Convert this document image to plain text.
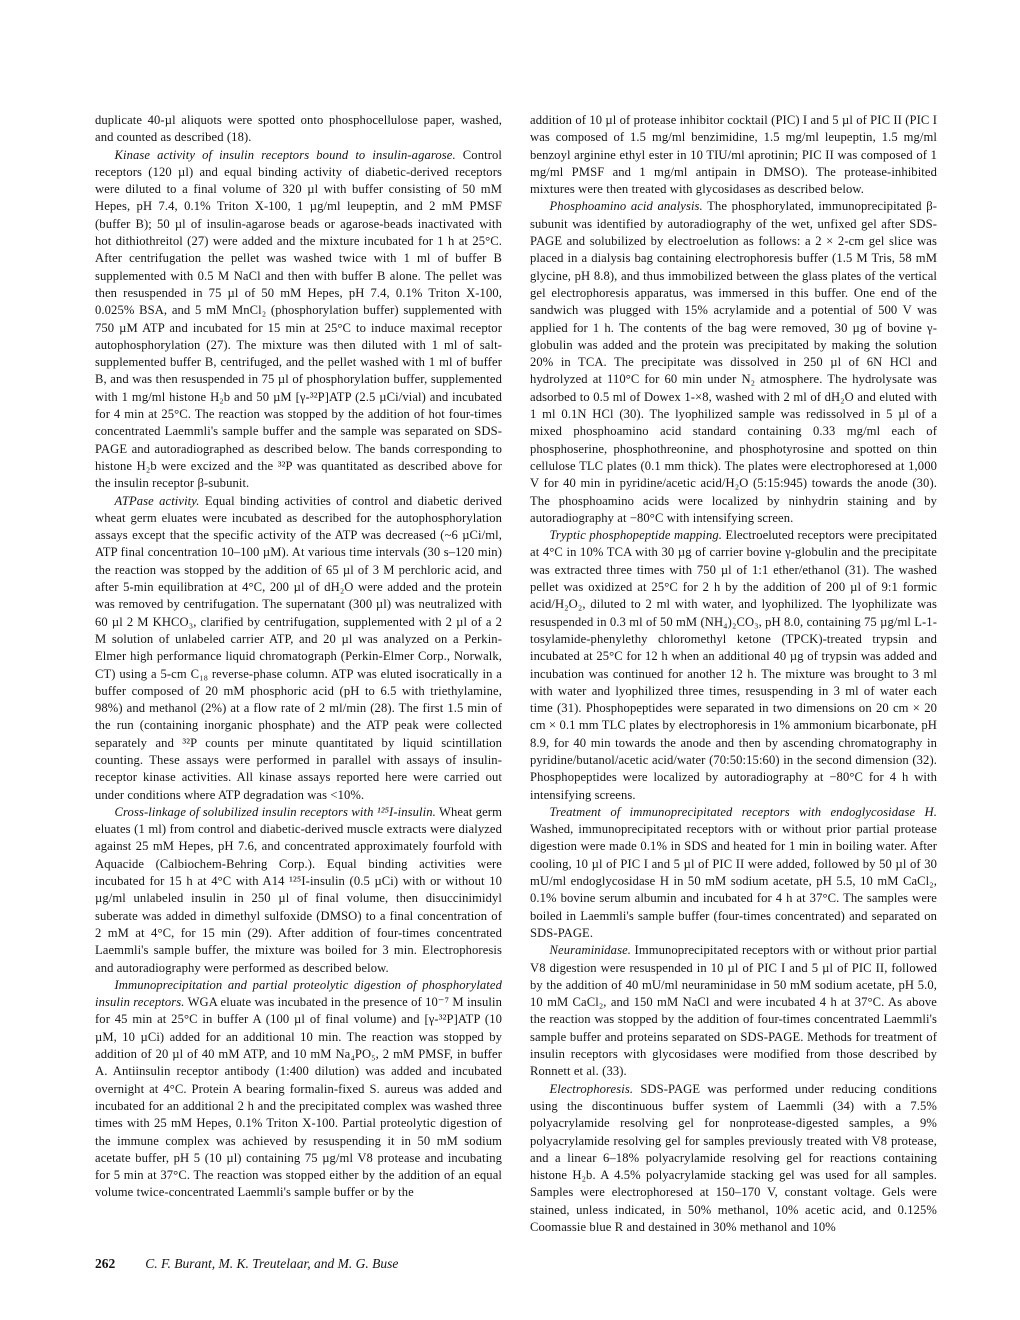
duplicate 40-µl aliquots were spotted onto phosphocellulose paper, washed, and counted as described (18).

Kinase activity of insulin receptors bound to insulin-agarose. Control receptors (120 µl) and equal binding activity of diabetic-derived receptors were diluted to a final volume of 320 µl with buffer consisting of 50 mM Hepes, pH 7.4, 0.1% Triton X-100, 1 µg/ml leupeptin, and 2 mM PMSF (buffer B); 50 µl of insulin-agarose beads or agarose-beads inactivated with hot dithiothreitol (27) were added and the mixture incubated for 1 h at 25°C. After centrifugation the pellet was washed twice with 1 ml of buffer B supplemented with 0.5 M NaCl and then with buffer B alone. The pellet was then resuspended in 75 µl of 50 mM Hepes, pH 7.4, 0.1% Triton X-100, 0.025% BSA, and 5 mM MnCl₂ (phosphorylation buffer) supplemented with 750 µM ATP and incubated for 15 min at 25°C to induce maximal receptor autophosphorylation (27). The mixture was then diluted with 1 ml of salt-supplemented buffer B, centrifuged, and the pellet washed with 1 ml of buffer B, and was then resuspended in 75 µl of phosphorylation buffer, supplemented with 1 mg/ml histone H₂b and 50 µM [γ-³²P]ATP (2.5 µCi/vial) and incubated for 4 min at 25°C. The reaction was stopped by the addition of hot four-times concentrated Laemmli's sample buffer and the sample was separated on SDS-PAGE and autoradiographed as described below. The bands corresponding to histone H₂b were excized and the ³²P was quantitated as described above for the insulin receptor β-subunit.

ATPase activity. Equal binding activities of control and diabetic derived wheat germ eluates were incubated as described for the autophosphorylation assays except that the specific activity of the ATP was decreased (~6 µCi/ml, ATP final concentration 10–100 µM). At various time intervals (30 s–120 min) the reaction was stopped by the addition of 65 µl of 3 M perchloric acid, and after 5-min equilibration at 4°C, 200 µl of dH₂O were added and the protein was removed by centrifugation. The supernatant (300 µl) was neutralized with 60 µl 2 M KHCO₃, clarified by centrifugation, supplemented with 2 µl of a 2 M solution of unlabeled carrier ATP, and 20 µl was analyzed on a Perkin-Elmer high performance liquid chromatograph (Perkin-Elmer Corp., Norwalk, CT) using a 5-cm C₁₈ reverse-phase column. ATP was eluted isocratically in a buffer composed of 20 mM phosphoric acid (pH to 6.5 with triethylamine, 98%) and methanol (2%) at a flow rate of 2 ml/min (28). The first 1.5 min of the run (containing inorganic phosphate) and the ATP peak were collected separately and ³²P counts per minute quantitated by liquid scintillation counting. These assays were performed in parallel with assays of insulin-receptor kinase activities. All kinase assays reported here were carried out under conditions where ATP degradation was <10%.

Cross-linkage of solubilized insulin receptors with ¹²⁵I-insulin. Wheat germ eluates (1 ml) from control and diabetic-derived muscle extracts were dialyzed against 25 mM Hepes, pH 7.6, and concentrated approximately fourfold with Aquacide (Calbiochem-Behring Corp.). Equal binding activities were incubated for 15 h at 4°C with A14 ¹²⁵I-insulin (0.5 µCi) with or without 10 µg/ml unlabeled insulin in 250 µl of final volume, then disuccinimidyl suberate was added in dimethyl sulfoxide (DMSO) to a final concentration of 2 mM at 4°C, for 15 min (29). After addition of four-times concentrated Laemmli's sample buffer, the mixture was boiled for 3 min. Electrophoresis and autoradiography were performed as described below.

Immunoprecipitation and partial proteolytic digestion of phosphorylated insulin receptors. WGA eluate was incubated in the presence of 10⁻⁷ M insulin for 45 min at 25°C in buffer A (100 µl of final volume) and [γ-³²P]ATP (10 µM, 10 µCi) added for an additional 10 min. The reaction was stopped by addition of 20 µl of 40 mM ATP, and 10 mM Na₄PO₅, 2 mM PMSF, in buffer A. Antiinsulin receptor antibody (1:400 dilution) was added and incubated overnight at 4°C. Protein A bearing formalin-fixed S. aureus was added and incubated for an additional 2 h and the precipitated complex was washed three times with 25 mM Hepes, 0.1% Triton X-100. Partial proteolytic digestion of the immune complex was achieved by resuspending it in 50 mM sodium acetate buffer, pH 5 (10 µl) containing 75 µg/ml V8 protease and incubating for 5 min at 37°C. The reaction was stopped either by the addition of an equal volume twice-concentrated Laemmli's sample buffer or by the

addition of 10 µl of protease inhibitor cocktail (PIC) I and 5 µl of PIC II (PIC I was composed of 1.5 mg/ml benzimidine, 1.5 mg/ml leupeptin, 1.5 mg/ml benzoyl arginine ethyl ester in 10 TIU/ml aprotinin; PIC II was composed of 1 mg/ml PMSF and 1 mg/ml antipain in DMSO). The protease-inhibited mixtures were then treated with glycosidases as described below.

Phosphoamino acid analysis. The phosphorylated, immunoprecipitated β-subunit was identified by autoradiography of the wet, unfixed gel after SDS-PAGE and solubilized by electroelution as follows: a 2 × 2-cm gel slice was placed in a dialysis bag containing electrophoresis buffer (1.5 M Tris, 58 mM glycine, pH 8.8), and thus immobilized between the glass plates of the vertical gel electrophoresis apparatus, was immersed in this buffer. One end of the sandwich was plugged with 15% acrylamide and a potential of 500 V was applied for 1 h. The contents of the bag were removed, 30 µg of bovine γ-globulin was added and the protein was precipitated by making the solution 20% in TCA. The precipitate was dissolved in 250 µl of 6N HCl and hydrolyzed at 110°C for 60 min under N₂ atmosphere. The hydrolysate was adsorbed to 0.5 ml of Dowex 1-×8, washed with 2 ml of dH₂O and eluted with 1 ml 0.1N HCl (30). The lyophilized sample was redissolved in 5 µl of a mixed phosphoamino acid standard containing 0.33 mg/ml each of phosphoserine, phosphothreonine, and phosphotyrosine and spotted on thin cellulose TLC plates (0.1 mm thick). The plates were electrophoresed at 1,000 V for 40 min in pyridine/acetic acid/H₂O (5:15:945) towards the anode (30). The phosphoamino acids were localized by ninhydrin staining and by autoradiography at −80°C with intensifying screen.

Tryptic phosphopeptide mapping. Electroeluted receptors were precipitated at 4°C in 10% TCA with 30 µg of carrier bovine γ-globulin and the precipitate was extracted three times with 750 µl of 1:1 ether/ethanol (31). The washed pellet was oxidized at 25°C for 2 h by the addition of 200 µl of 9:1 formic acid/H₂O₂, diluted to 2 ml with water, and lyophilized. The lyophilizate was resuspended in 0.3 ml of 50 mM (NH₄)₂CO₃, pH 8.0, containing 75 µg/ml L-1-tosylamide-phenylethy chloromethyl ketone (TPCK)-treated trypsin and incubated at 25°C for 12 h when an additional 40 µg of trypsin was added and incubation was continued for another 12 h. The mixture was brought to 3 ml with water and lyophilized three times, resuspending in 3 ml of water each time (31). Phosphopeptides were separated in two dimensions on 20 cm × 20 cm × 0.1 mm TLC plates by electrophoresis in 1% ammonium bicarbonate, pH 8.9, for 40 min towards the anode and then by ascending chromatography in pyridine/butanol/acetic acid/water (70:50:15:60) in the second dimension (32). Phosphopeptides were localized by autoradiography at −80°C for 4 h with intensifying screens.

Treatment of immunoprecipitated receptors with endoglycosidase H. Washed, immunoprecipitated receptors with or without prior partial protease digestion were made 0.1% in SDS and heated for 1 min in boiling water. After cooling, 10 µl of PIC I and 5 µl of PIC II were added, followed by 50 µl of 30 mU/ml endoglycosidase H in 50 mM sodium acetate, pH 5.5, 10 mM CaCl₂, 0.1% bovine serum albumin and incubated for 4 h at 37°C. The samples were boiled in Laemmli's sample buffer (four-times concentrated) and separated on SDS-PAGE.

Neuraminidase. Immunoprecipitated receptors with or without prior partial V8 digestion were resuspended in 10 µl of PIC I and 5 µl of PIC II, followed by the addition of 40 mU/ml neuraminidase in 50 mM sodium acetate, pH 5.0, 10 mM CaCl₂, and 150 mM NaCl and were incubated 4 h at 37°C. As above the reaction was stopped by the addition of four-times concentrated Laemmli's sample buffer and proteins separated on SDS-PAGE. Methods for treatment of insulin receptors with glycosidases were modified from those described by Ronnett et al. (33).

Electrophoresis. SDS-PAGE was performed under reducing conditions using the discontinuous buffer system of Laemmli (34) with a 7.5% polyacrylamide resolving gel for nonprotease-digested samples, a 9% polyacrylamide resolving gel for samples previously treated with V8 protease, and a linear 6–18% polyacrylamide resolving gel for reactions containing histone H₂b. A 4.5% polyacrylamide stacking gel was used for all samples. Samples were electrophoresed at 150–170 V, constant voltage. Gels were stained, unless indicated, in 50% methanol, 10% acetic acid, and 0.125% Coomassie blue R and destained in 30% methanol and 10%

262 C. F. Burant, M. K. Treutelaar, and M. G. Buse
